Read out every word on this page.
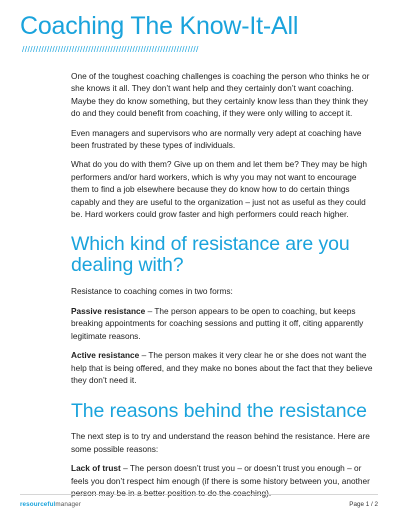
Coaching The Know-It-All
////////////////////////////////////////////////////////////////

One of the toughest coaching challenges is coaching the person who thinks he or she knows it all. They don’t want help and they certainly don’t want coaching. Maybe they do know something, but they certainly know less than they think they do and they could benefit from coaching, if they were only willing to accept it.

Even managers and supervisors who are normally very adept at coaching have been frustrated by these types of individuals.

What do you do with them? Give up on them and let them be? They may be high performers and/or hard workers, which is why you may not want to encourage them to find a job elsewhere because they do know how to do certain things capably and they are useful to the organization – just not as useful as they could be. Hard workers could grow faster and high performers could reach higher.

Which kind of resistance are you dealing with?

Resistance to coaching comes in two forms:

Passive resistance – The person appears to be open to coaching, but keeps breaking appointments for coaching sessions and putting it off, citing apparently legitimate reasons.

Active resistance – The person makes it very clear he or she does not want the help that is being offered, and they make no bones about the fact that they believe they don’t need it.

The reasons behind the resistance

The next step is to try and understand the reason behind the resistance. Here are some possible reasons:

Lack of trust – The person doesn’t trust you – or doesn’t trust you enough – or feels you don’t respect him enough (if there is some history between you, another person may be in a better position to do the coaching).

resourcefulmanager	Page 1 / 2
